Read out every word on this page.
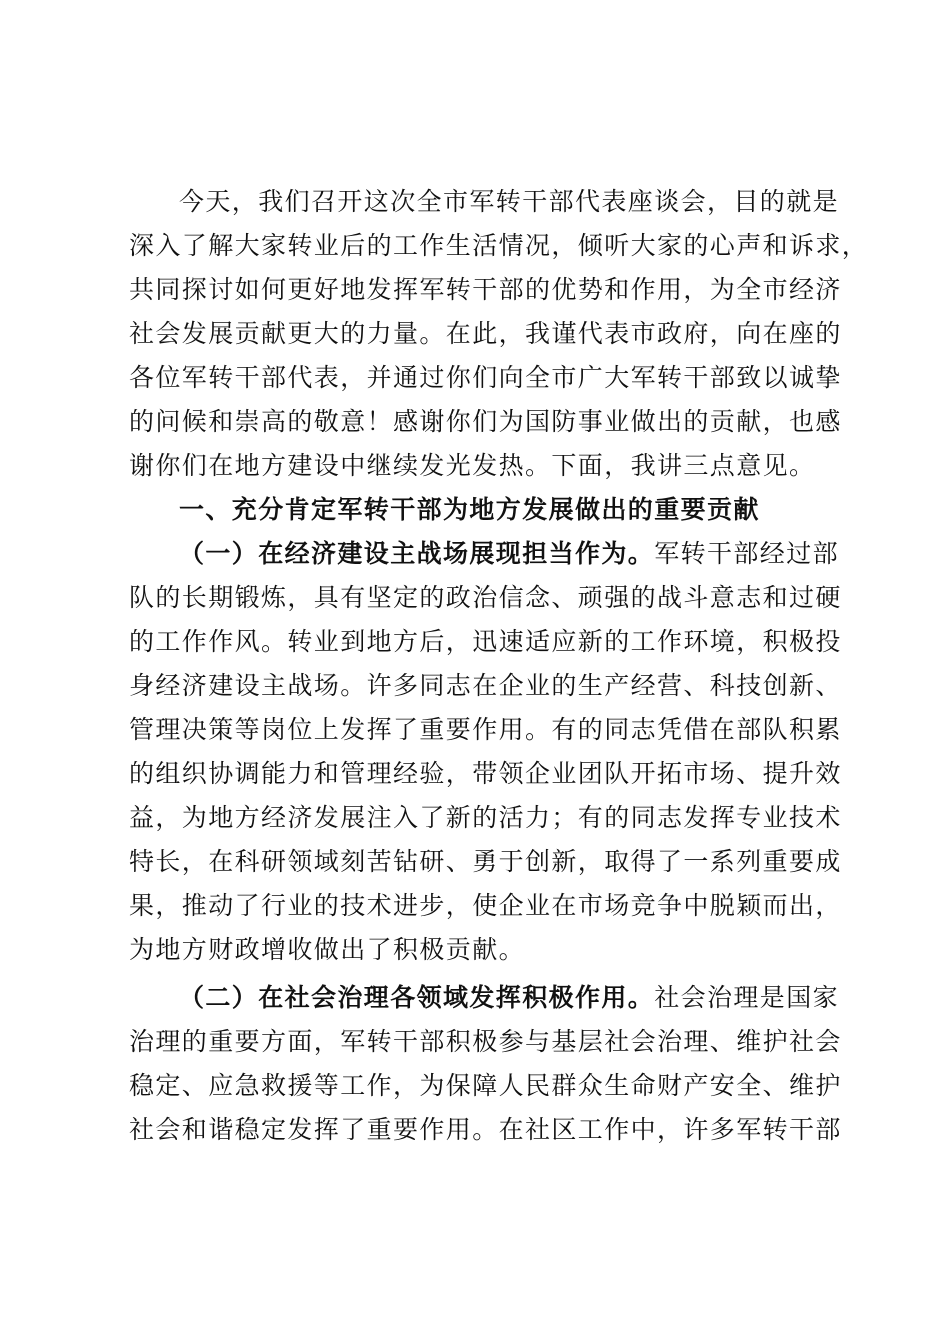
今天，我们召开这次全市军转干部代表座谈会，目的就是
深入了解大家转业后的工作生活情况，倾听大家的心声和诉求，
共同探讨如何更好地发挥军转干部的优势和作用，为全市经济
社会发展贡献更大的力量。在此，我谨代表市政府，向在座的
各位军转干部代表，并通过你们向全市广大军转干部致以诚挚
的问候和崇高的敬意！感谢你们为国防事业做出的贡献，也感
谢你们在地方建设中继续发光发热。下面，我讲三点意见。
一、充分肯定军转干部为地方发展做出的重要贡献
（一）在经济建设主战场展现担当作为。军转干部经过部
队的长期锻炼，具有坚定的政治信念、顽强的战斗意志和过硬
的工作作风。转业到地方后，迅速适应新的工作环境，积极投
身经济建设主战场。许多同志在企业的生产经营、科技创新、
管理决策等岗位上发挥了重要作用。有的同志凭借在部队积累
的组织协调能力和管理经验，带领企业团队开拓市场、提升效
益，为地方经济发展注入了新的活力；有的同志发挥专业技术
特长，在科研领域刻苦钻研、勇于创新，取得了一系列重要成
果，推动了行业的技术进步，使企业在市场竞争中脱颖而出，
为地方财政增收做出了积极贡献。
（二）在社会治理各领域发挥积极作用。社会治理是国家
治理的重要方面，军转干部积极参与基层社会治理、维护社会
稳定、应急救援等工作，为保障人民群众生命财产安全、维护
社会和谐稳定发挥了重要作用。在社区工作中，许多军转干部
